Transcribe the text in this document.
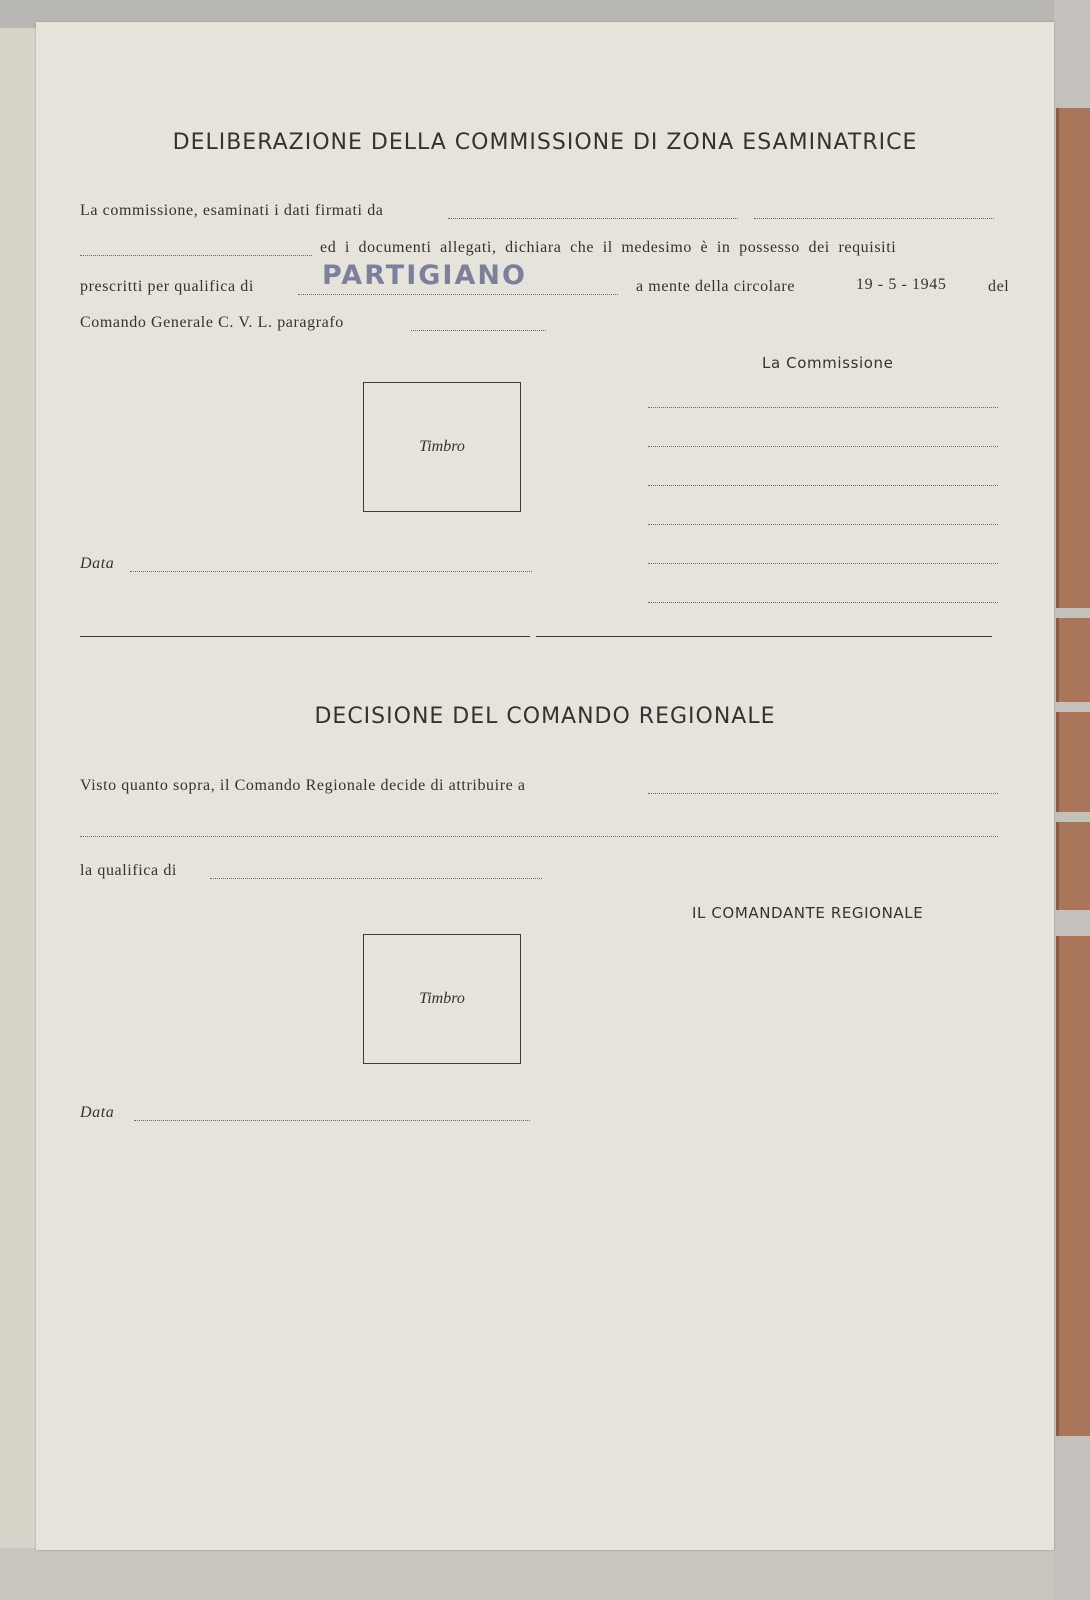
DELIBERAZIONE DELLA COMMISSIONE DI ZONA ESAMINATRICE
La commissione, esaminati i dati firmati da
ed i documenti allegati, dichiara che il medesimo è in possesso dei requisiti
prescritti per qualifica di	PARTIGIANO	a mente della circolare	19 - 5 - 1945	del
Comando Generale C. V. L. paragrafo
La Commissione
Timbro
Data
DECISIONE DEL COMANDO REGIONALE
Visto quanto sopra, il Comando Regionale decide di attribuire a
la qualifica di
IL COMANDANTE REGIONALE
Timbro
Data
